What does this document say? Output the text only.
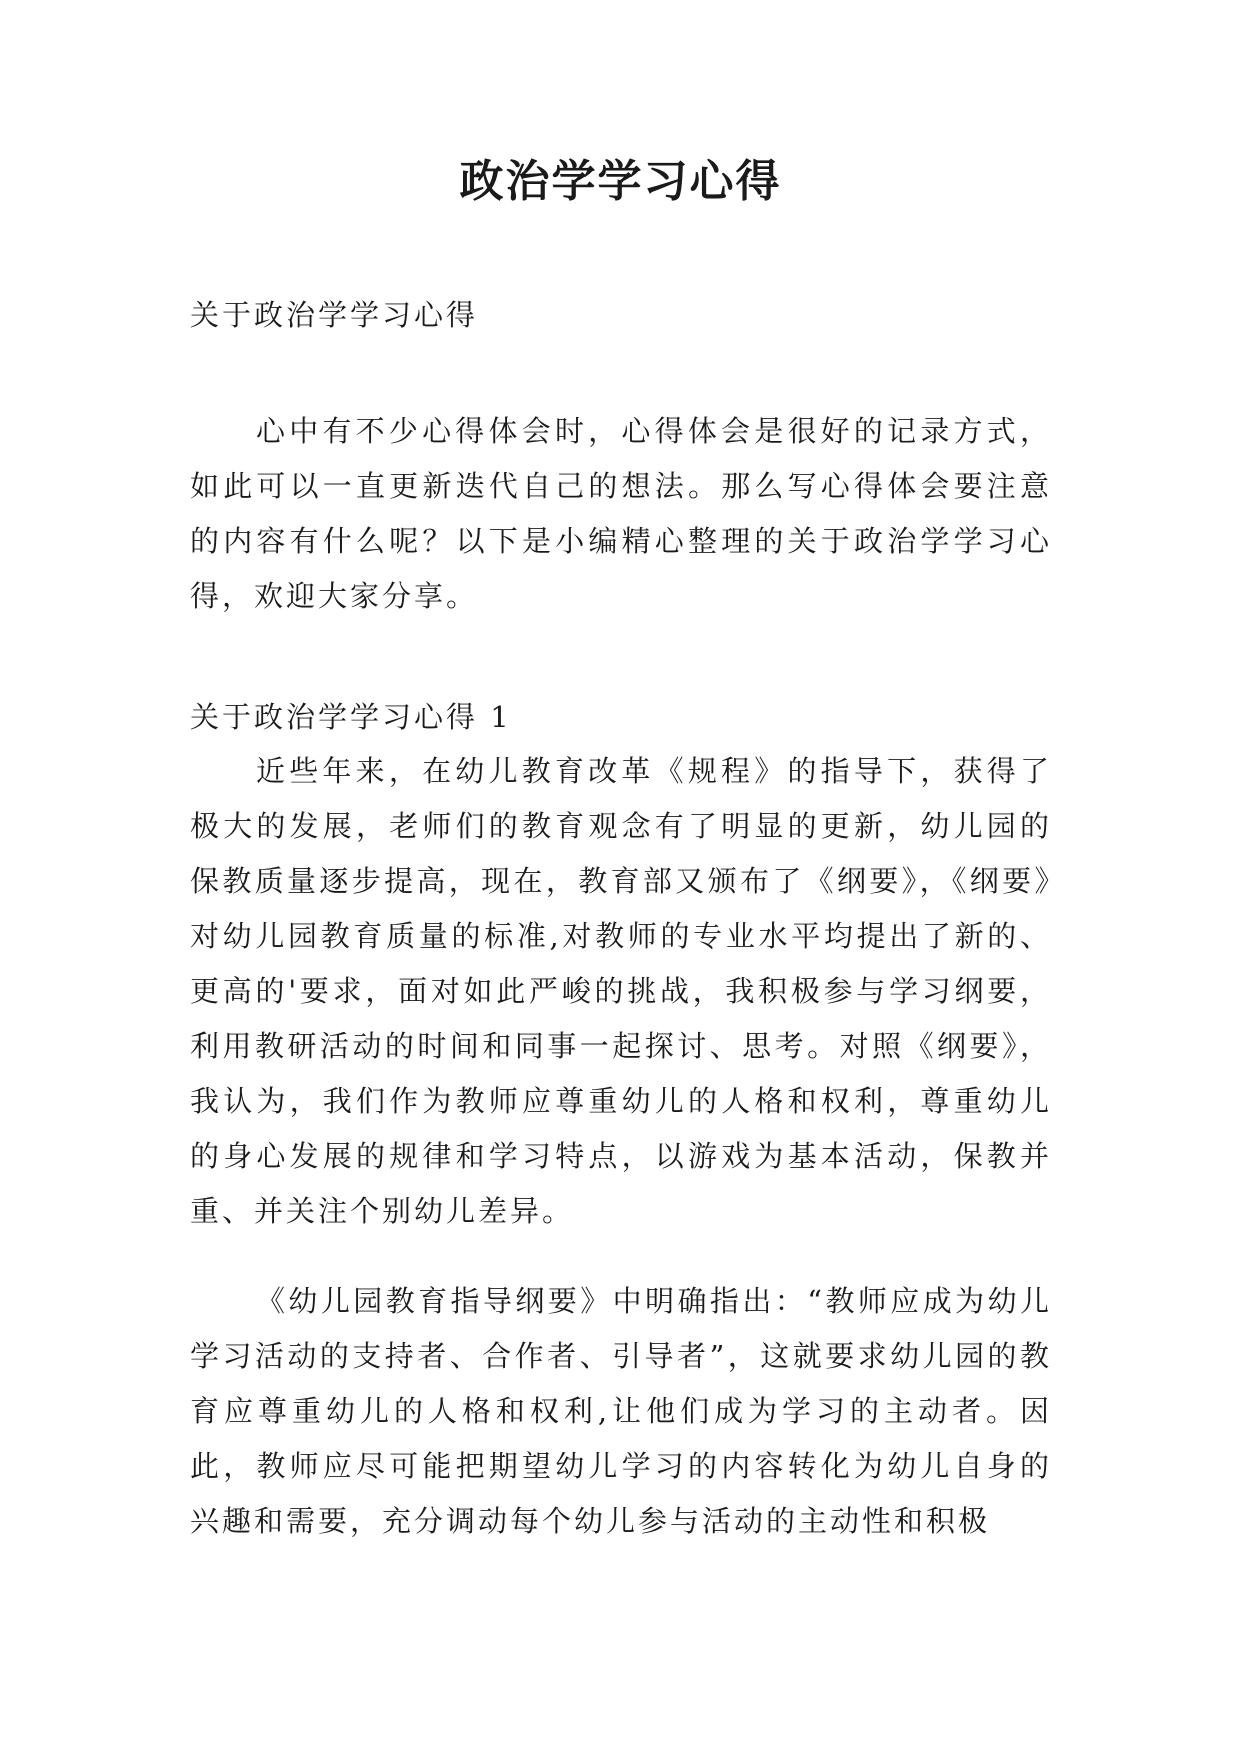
政治学学习心得

关于政治学学习心得

心中有不少心得体会时，心得体会是很好的记录方式，如此可以一直更新迭代自己的想法。那么写心得体会要注意的内容有什么呢？以下是小编精心整理的关于政治学学习心得，欢迎大家分享。

关于政治学学习心得 1

近些年来，在幼儿教育改革《规程》的指导下，获得了极大的发展，老师们的教育观念有了明显的更新，幼儿园的保教质量逐步提高，现在，教育部又颁布了《纲要》，《纲要》对幼儿园教育质量的标准,对教师的专业水平均提出了新的、更高的'要求，面对如此严峻的挑战，我积极参与学习纲要，利用教研活动的时间和同事一起探讨、思考。对照《纲要》，我认为，我们作为教师应尊重幼儿的人格和权利，尊重幼儿的身心发展的规律和学习特点，以游戏为基本活动，保教并重、并关注个别幼儿差异。

《幼儿园教育指导纲要》中明确指出：“教师应成为幼儿学习活动的支持者、合作者、引导者”，这就要求幼儿园的教育应尊重幼儿的人格和权利,让他们成为学习的主动者。因此，教师应尽可能把期望幼儿学习的内容转化为幼儿自身的兴趣和需要，充分调动每个幼儿参与活动的主动性和积极
